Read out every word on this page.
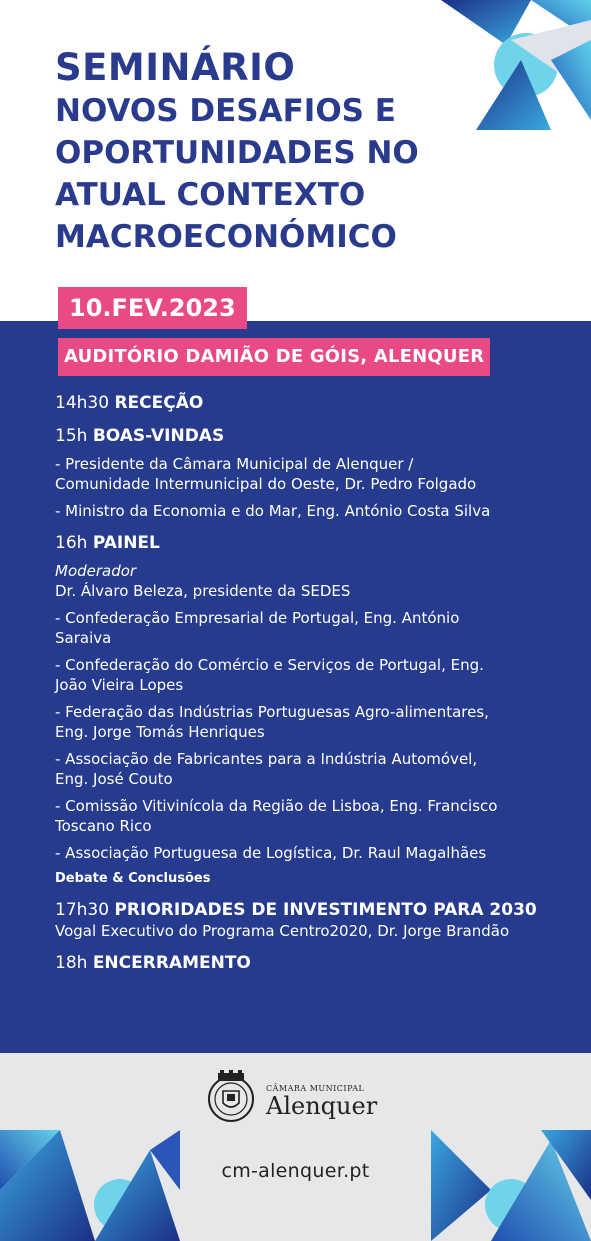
SEMINÁRIO
NOVOS DESAFIOS E
OPORTUNIDADES NO
ATUAL CONTEXTO
MACROECONÓMICO
10.FEV.2023
AUDITÓRIO DAMIÃO DE GÓIS, ALENQUER
14h30 RECEÇÃO
15h BOAS-VINDAS
- Presidente da Câmara Municipal de Alenquer /
Comunidade Intermunicipal do Oeste, Dr. Pedro Folgado
- Ministro da Economia e do Mar, Eng. António Costa Silva
16h PAINEL
Moderador
Dr. Álvaro Beleza, presidente da SEDES
- Confederação Empresarial de Portugal, Eng. António
Saraiva
- Confederação do Comércio e Serviços de Portugal, Eng.
João Vieira Lopes
- Federação das Indústrias Portuguesas Agro-alimentares,
Eng. Jorge Tomás Henriques
- Associação de Fabricantes para a Indústria Automóvel,
Eng. José Couto
- Comissão Vitivinícola da Região de Lisboa, Eng. Francisco
Toscano Rico
- Associação Portuguesa de Logística, Dr. Raul Magalhães
Debate & Conclusões
17h30 PRIORIDADES DE INVESTIMENTO PARA 2030
Vogal Executivo do Programa Centro2020, Dr. Jorge Brandão
18h ENCERRAMENTO
CÂMARA MUNICIPAL
Alenquer
cm-alenquer.pt
